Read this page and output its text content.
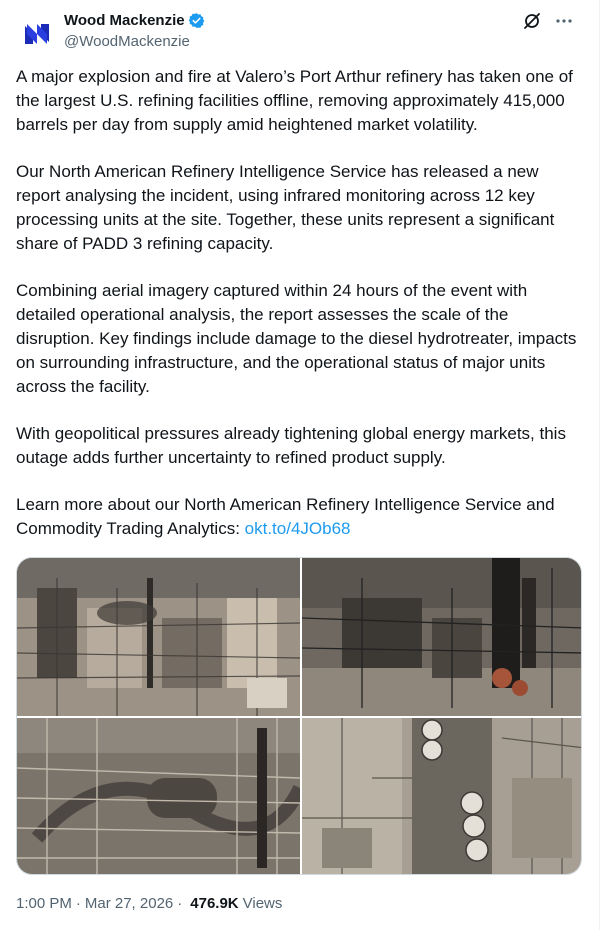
Wood Mackenzie
@WoodMackenzie

A major explosion and fire at Valero’s Port Arthur refinery has taken one of the largest U.S. refining facilities offline, removing approximately 415,000 barrels per day from supply amid heightened market volatility.

Our North American Refinery Intelligence Service has released a new report analysing the incident, using infrared monitoring across 12 key processing units at the site. Together, these units represent a significant share of PADD 3 refining capacity.

Combining aerial imagery captured within 24 hours of the event with detailed operational analysis, the report assesses the scale of the disruption. Key findings include damage to the diesel hydrotreater, impacts on surrounding infrastructure, and the operational status of major units across the facility.

With geopolitical pressures already tightening global energy markets, this outage adds further uncertainty to refined product supply.

Learn more about our North American Refinery Intelligence Service and Commodity Trading Analytics: okt.to/4JOb68

1:00 PM · Mar 27, 2026 · 476.9K Views
